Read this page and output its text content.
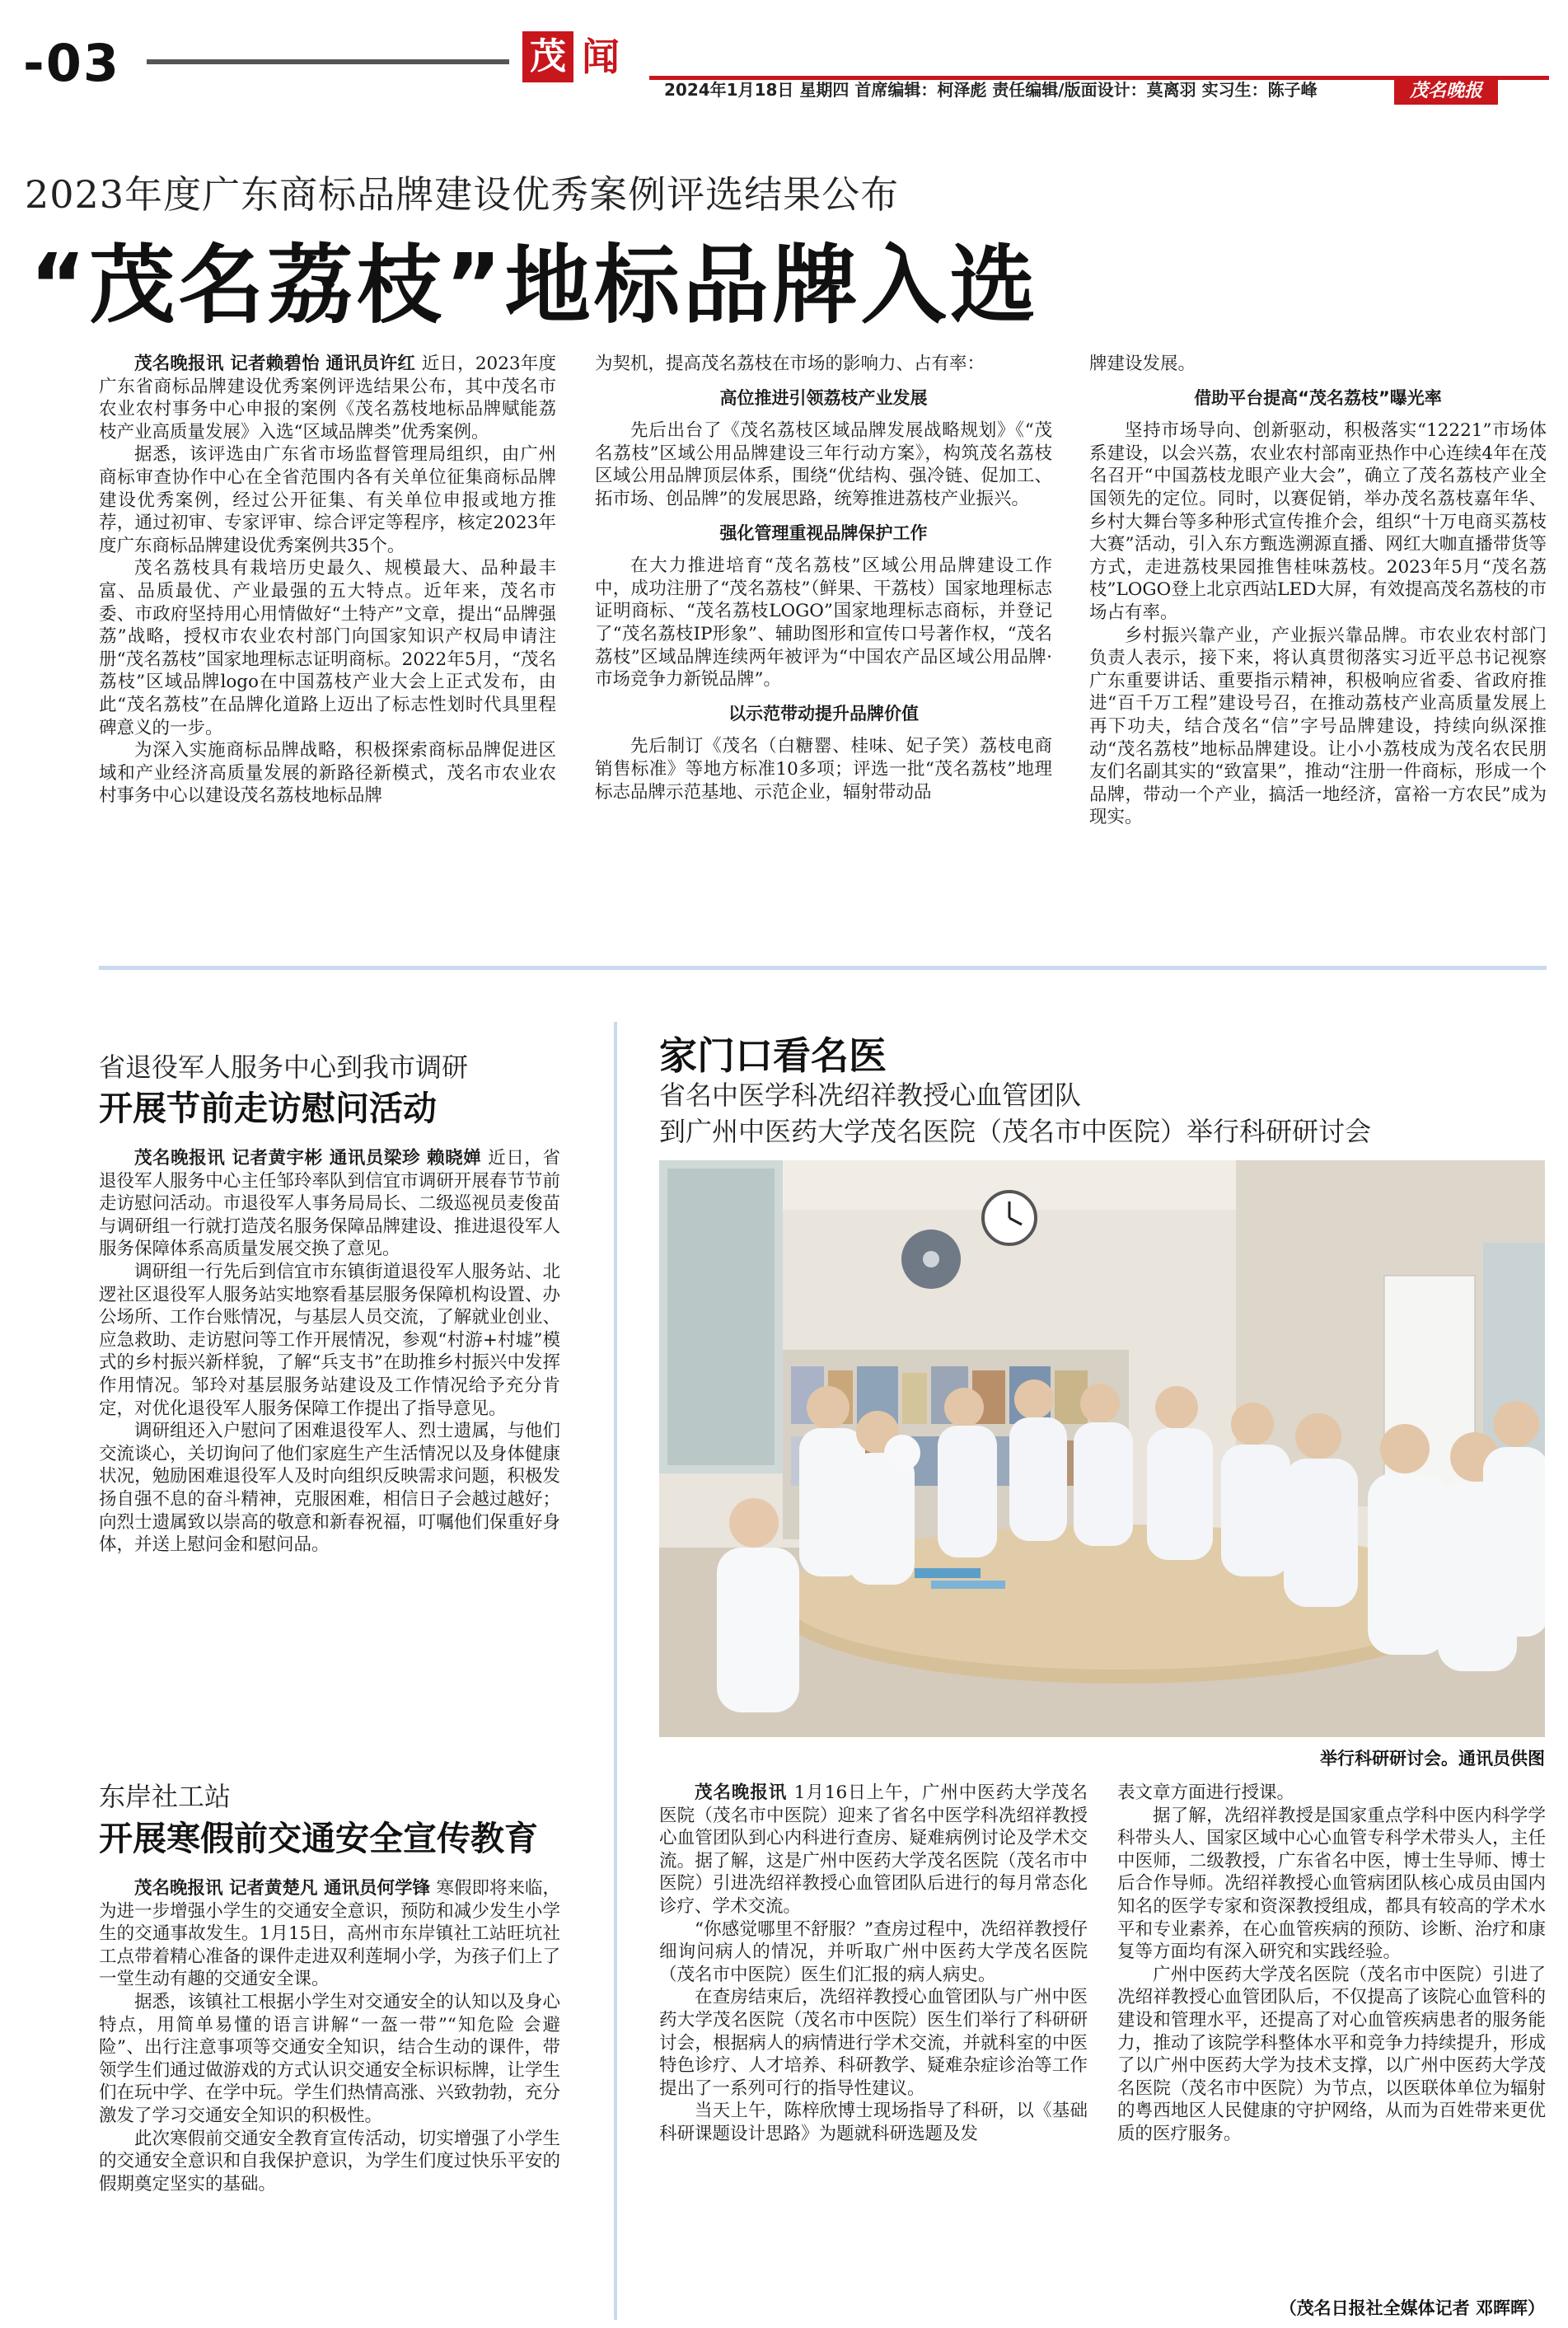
-03	茂 闻
2024年1月18日 星期四 首席编辑：柯泽彪 责任编辑/版面设计：莫离羽 实习生：陈子峰	茂名晚报
2023年度广东商标品牌建设优秀案例评选结果公布
“茂名荔枝”地标品牌入选

茂名晚报讯 记者赖碧怡 通讯员许红 近日，2023年度广东省商标品牌建设优秀案例评选结果公布，其中茂名市农业农村事务中心申报的案例《茂名荔枝地标品牌赋能荔枝产业高质量发展》入选“区域品牌类”优秀案例。

据悉，该评选由广东省市场监督管理局组织，由广州商标审查协作中心在全省范围内各有关单位征集商标品牌建设优秀案例，经过公开征集、有关单位申报或地方推荐，通过初审、专家评审、综合评定等程序，核定2023年度广东商标品牌建设优秀案例共35个。

茂名荔枝具有栽培历史最久、规模最大、品种最丰富、品质最优、产业最强的五大特点。近年来，茂名市委、市政府坚持用心用情做好“土特产”文章，提出“品牌强荔”战略，授权市农业农村部门向国家知识产权局申请注册“茂名荔枝”国家地理标志证明商标。2022年5月，“茂名荔枝”区域品牌logo在中国荔枝产业大会上正式发布，由此“茂名荔枝”在品牌化道路上迈出了标志性划时代具里程碑意义的一步。

为深入实施商标品牌战略，积极探索商标品牌促进区域和产业经济高质量发展的新路径新模式，茂名市农业农村事务中心以建设茂名荔枝地标品牌

为契机，提高茂名荔枝在市场的影响力、占有率：

高位推进引领荔枝产业发展

先后出台了《茂名荔枝区域品牌发展战略规划》《“茂名荔枝”区域公用品牌建设三年行动方案》，构筑茂名荔枝区域公用品牌顶层体系，围绕“优结构、强冷链、促加工、拓市场、创品牌”的发展思路，统筹推进荔枝产业振兴。

强化管理重视品牌保护工作

在大力推进培育“茂名荔枝”区域公用品牌建设工作中，成功注册了“茂名荔枝”（鲜果、干荔枝）国家地理标志证明商标、“茂名荔枝LOGO”国家地理标志商标，并登记了“茂名荔枝IP形象”、辅助图形和宣传口号著作权，“茂名荔枝”区域品牌连续两年被评为“中国农产品区域公用品牌·市场竞争力新锐品牌”。

以示范带动提升品牌价值

先后制订《茂名（白糖罂、桂味、妃子笑）荔枝电商销售标准》等地方标准10多项；评选一批“茂名荔枝”地理标志品牌示范基地、示范企业，辐射带动品

牌建设发展。

借助平台提高“茂名荔枝”曝光率

坚持市场导向、创新驱动，积极落实“12221”市场体系建设，以会兴荔，农业农村部南亚热作中心连续4年在茂名召开“中国荔枝龙眼产业大会”，确立了茂名荔枝产业全国领先的定位。同时，以赛促销，举办茂名荔枝嘉年华、乡村大舞台等多种形式宣传推介会，组织“十万电商买荔枝大赛”活动，引入东方甄选溯源直播、网红大咖直播带货等方式，走进荔枝果园推售桂味荔枝。2023年5月“茂名荔枝”LOGO登上北京西站LED大屏，有效提高茂名荔枝的市场占有率。

乡村振兴靠产业，产业振兴靠品牌。市农业农村部门负责人表示，接下来，将认真贯彻落实习近平总书记视察广东重要讲话、重要指示精神，积极响应省委、省政府推进“百千万工程”建设号召，在推动荔枝产业高质量发展上再下功夫，结合茂名“信”字号品牌建设，持续向纵深推动“茂名荔枝”地标品牌建设。让小小荔枝成为茂名农民朋友们名副其实的“致富果”，推动“注册一件商标，形成一个品牌，带动一个产业，搞活一地经济，富裕一方农民”成为现实。

省退役军人服务中心到我市调研
开展节前走访慰问活动

茂名晚报讯 记者黄宇彬 通讯员梁珍 赖晓婵 近日，省退役军人服务中心主任邹玲率队到信宜市调研开展春节节前走访慰问活动。市退役军人事务局局长、二级巡视员麦俊苗与调研组一行就打造茂名服务保障品牌建设、推进退役军人服务保障体系高质量发展交换了意见。

调研组一行先后到信宜市东镇街道退役军人服务站、北逻社区退役军人服务站实地察看基层服务保障机构设置、办公场所、工作台账情况，与基层人员交流，了解就业创业、应急救助、走访慰问等工作开展情况，参观“村游+村墟”模式的乡村振兴新样貌，了解“兵支书”在助推乡村振兴中发挥作用情况。邹玲对基层服务站建设及工作情况给予充分肯定，对优化退役军人服务保障工作提出了指导意见。

调研组还入户慰问了困难退役军人、烈士遗属，与他们交流谈心，关切询问了他们家庭生产生活情况以及身体健康状况，勉励困难退役军人及时向组织反映需求问题，积极发扬自强不息的奋斗精神，克服困难，相信日子会越过越好；向烈士遗属致以崇高的敬意和新春祝福，叮嘱他们保重好身体，并送上慰问金和慰问品。

东岸社工站
开展寒假前交通安全宣传教育

茂名晚报讯 记者黄楚凡 通讯员何学锋 寒假即将来临，为进一步增强小学生的交通安全意识，预防和减少发生小学生的交通事故发生。1月15日，高州市东岸镇社工站旺坑社工点带着精心准备的课件走进双利莲垌小学，为孩子们上了一堂生动有趣的交通安全课。

据悉，该镇社工根据小学生对交通安全的认知以及身心特点，用简单易懂的语言讲解“一盔一带”“知危险 会避险”、出行注意事项等交通安全知识，结合生动的课件，带领学生们通过做游戏的方式认识交通安全标识标牌，让学生们在玩中学、在学中玩。学生们热情高涨、兴致勃勃，充分激发了学习交通安全知识的积极性。

此次寒假前交通安全教育宣传活动，切实增强了小学生的交通安全意识和自我保护意识，为学生们度过快乐平安的假期奠定坚实的基础。

家门口看名医
省名中医学科冼绍祥教授心血管团队
到广州中医药大学茂名医院（茂名市中医院）举行科研研讨会
举行科研研讨会。通讯员供图

茂名晚报讯 1月16日上午，广州中医药大学茂名医院（茂名市中医院）迎来了省名中医学科冼绍祥教授心血管团队到心内科进行查房、疑难病例讨论及学术交流。据了解，这是广州中医药大学茂名医院（茂名市中医院）引进冼绍祥教授心血管团队后进行的每月常态化诊疗、学术交流。

“你感觉哪里不舒服？”查房过程中，冼绍祥教授仔细询问病人的情况，并听取广州中医药大学茂名医院（茂名市中医院）医生们汇报的病人病史。

在查房结束后，冼绍祥教授心血管团队与广州中医药大学茂名医院（茂名市中医院）医生们举行了科研研讨会，根据病人的病情进行学术交流，并就科室的中医特色诊疗、人才培养、科研教学、疑难杂症诊治等工作提出了一系列可行的指导性建议。

当天上午，陈梓欣博士现场指导了科研，以《基础科研课题设计思路》为题就科研选题及发

表文章方面进行授课。

据了解，冼绍祥教授是国家重点学科中医内科学学科带头人、国家区域中心心血管专科学术带头人，主任中医师，二级教授，广东省名中医，博士生导师、博士后合作导师。冼绍祥教授心血管病团队核心成员由国内知名的医学专家和资深教授组成，都具有较高的学术水平和专业素养，在心血管疾病的预防、诊断、治疗和康复等方面均有深入研究和实践经验。

广州中医药大学茂名医院（茂名市中医院）引进了冼绍祥教授心血管团队后，不仅提高了该院心血管科的建设和管理水平，还提高了对心血管疾病患者的服务能力，推动了该院学科整体水平和竞争力持续提升，形成了以广州中医药大学为技术支撑，以广州中医药大学茂名医院（茂名市中医院）为节点，以医联体单位为辐射的粤西地区人民健康的守护网络，从而为百姓带来更优质的医疗服务。

（茂名日报社全媒体记者 邓晖晖）
